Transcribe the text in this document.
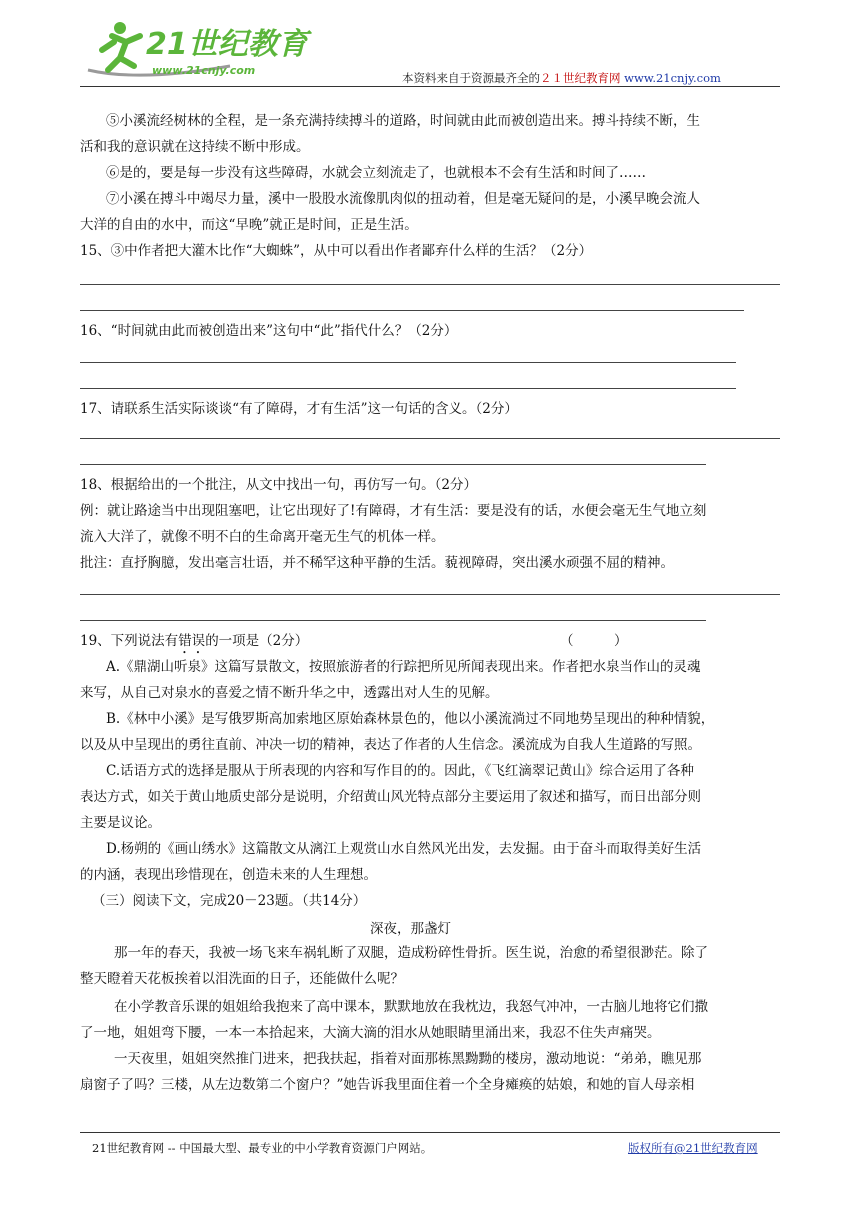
21世纪教育
www.21cnjy.com
本资料来自于资源最齐全的２１世纪教育网 www.21cnjy.com
⑤小溪流经树林的全程，是一条充满持续搏斗的道路，时间就由此而被创造出来。搏斗持续不断，生
活和我的意识就在这持续不断中形成。
⑥是的，要是每一步没有这些障碍，水就会立刻流走了，也就根本不会有生活和时间了……
⑦小溪在搏斗中竭尽力量，溪中一股股水流像肌肉似的扭动着，但是毫无疑问的是，小溪早晚会流人
大洋的自由的水中，而这“早晚”就正是时间，正是生活。
15、③中作者把大灌木比作“大蜘蛛”，从中可以看出作者鄙弃什么样的生活？（2分）
16、“时间就由此而被创造出来”这句中“此”指代什么？（2分）
17、请联系生活实际谈谈“有了障碍，才有生活”这一句话的含义。（2分）
18、根据给出的一个批注，从文中找出一句，再仿写一句。（2分）
例：就让路途当中出现阻塞吧，让它出现好了!有障碍，才有生活：要是没有的话，水便会毫无生气地立刻
流入大洋了，就像不明不白的生命离开毫无生气的机体一样。
批注：直抒胸臆，发出毫言壮语，并不稀罕这种平静的生活。藐视障碍，突出溪水顽强不屈的精神。
19、下列说法有错误的一项是（2分）	（　　　）
A.《鼎湖山听泉》这篇写景散文，按照旅游者的行踪把所见所闻表现出来。作者把水泉当作山的灵魂
来写，从自己对泉水的喜爱之情不断升华之中，透露出对人生的见解。
B.《林中小溪》是写俄罗斯高加索地区原始森林景色的，他以小溪流淌过不同地势呈现出的种种情貌，
以及从中呈现出的勇往直前、冲决一切的精神，表达了作者的人生信念。溪流成为自我人生道路的写照。
C.话语方式的选择是服从于所表现的内容和写作目的的。因此，《飞红滴翠记黄山》综合运用了各种
表达方式，如关于黄山地质史部分是说明，介绍黄山风光特点部分主要运用了叙述和描写，而日出部分则
主要是议论。
D.杨朔的《画山绣水》这篇散文从漓江上观赏山水自然风光出发，去发掘。由于奋斗而取得美好生活
的内涵，表现出珍惜现在，创造未来的人生理想。
（三）阅读下文，完成20－23题。（共14分）
深夜，那盏灯
那一年的春天，我被一场飞来车祸轧断了双腿，造成粉碎性骨折。医生说，治愈的希望很渺茫。除了
整天瞪着天花板挨着以泪洗面的日子，还能做什么呢？
在小学教音乐课的姐姐给我抱来了高中课本，默默地放在我枕边，我怒气冲冲，一古脑儿地将它们撒
了一地，姐姐弯下腰，一本一本拾起来，大滴大滴的泪水从她眼睛里涌出来，我忍不住失声痛哭。
一天夜里，姐姐突然推门进来，把我扶起，指着对面那栋黑黝黝的楼房，激动地说：“弟弟，瞧见那
扇窗子了吗？三楼，从左边数第二个窗户？”她告诉我里面住着一个全身瘫痪的姑娘，和她的盲人母亲相
21世纪教育网 -- 中国最大型、最专业的中小学教育资源门户网站。	版权所有@21世纪教育网
